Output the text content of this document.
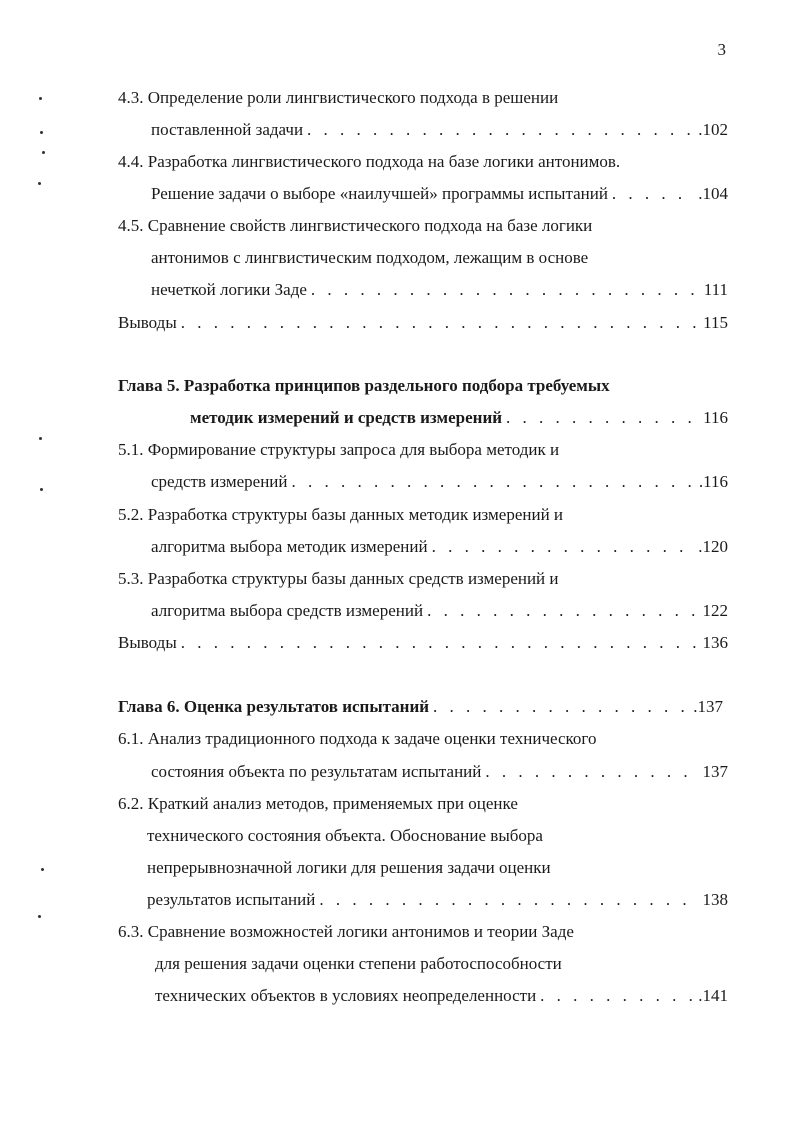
3
4.3. Определение роли лингвистического подхода в решении
поставленной задачи . . .	.102
4.4. Разработка лингвистического подхода на базе логики антонимов.
Решение задачи о выборе «наилучшей» программы испытаний . . .	.104
4.5. Сравнение свойств лингвистического подхода на базе логики
антонимов с лингвистическим подходом, лежащим в основе
нечеткой логики Заде . . .	111
Выводы . . .	115
Глава 5. Разработка принципов раздельного подбора требуемых
методик измерений и средств измерений . . .	116
5.1. Формирование структуры запроса для выбора методик и
средств измерений . . .	.116
5.2. Разработка структуры базы данных методик измерений и
алгоритма выбора методик измерений . . .	.120
5.3. Разработка структуры базы данных средств измерений и
алгоритма выбора средств измерений . . .	122
Выводы . . .	136
Глава 6. Оценка результатов испытаний . . .	.137
6.1. Анализ традиционного подхода к задаче оценки технического
состояния объекта по результатам испытаний . . .	137
6.2. Краткий анализ методов, применяемых при оценке
технического состояния объекта. Обоснование выбора
непрерывнозначной логики для решения задачи оценки
результатов испытаний . . .	138
6.3. Сравнение возможностей логики антонимов и теории Заде
для решения задачи оценки степени работоспособности
технических объектов в условиях неопределенности . . .	.141
